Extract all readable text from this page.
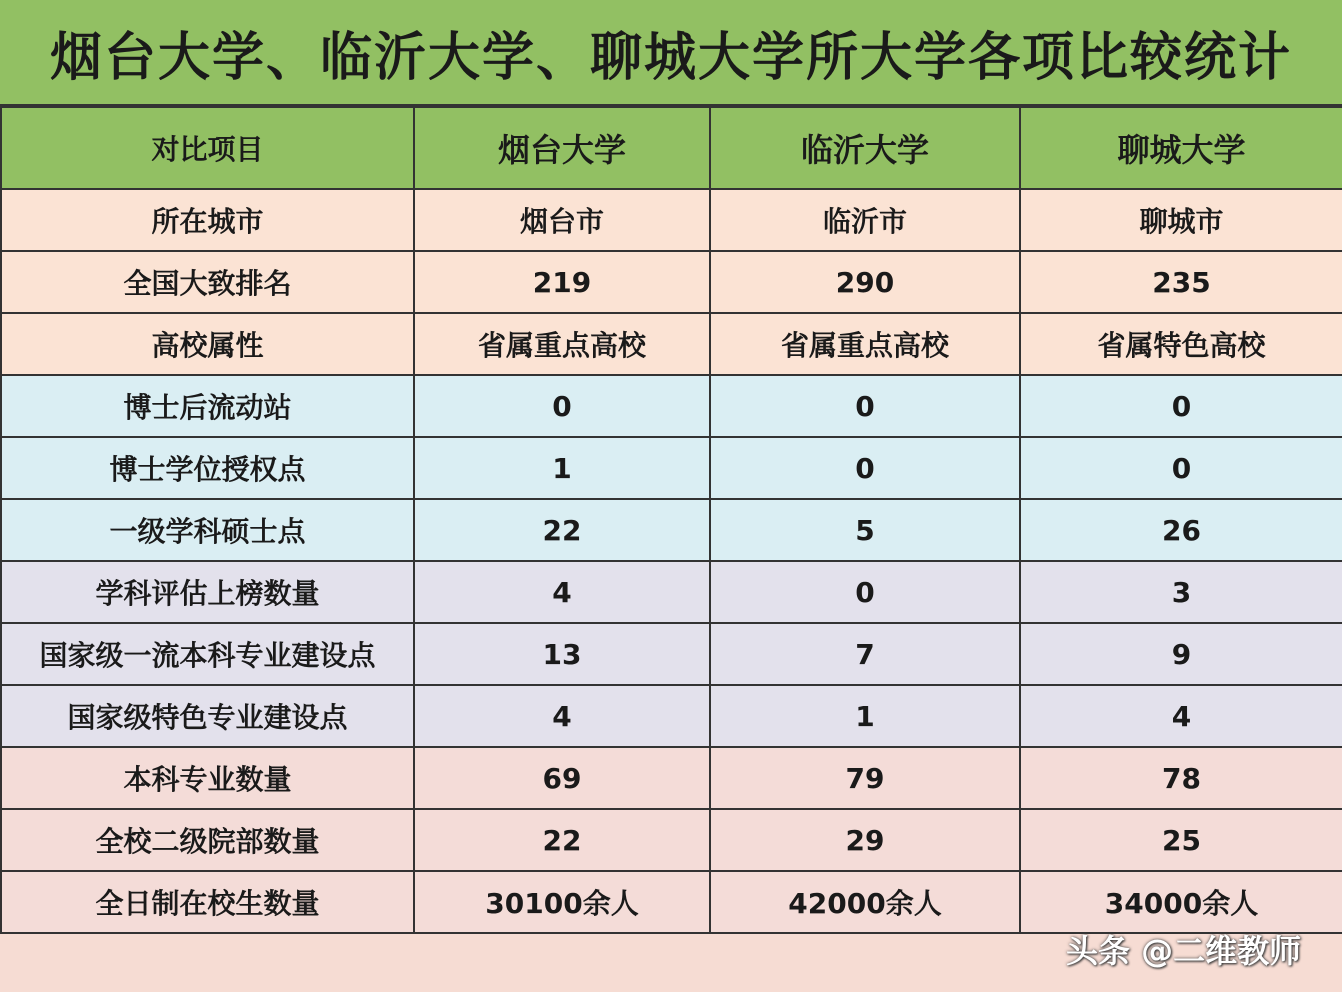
烟台大学、临沂大学、聊城大学所大学各项比较统计
对比项目	烟台大学	临沂大学	聊城大学
所在城市	烟台市	临沂市	聊城市
全国大致排名	219	290	235
高校属性	省属重点高校	省属重点高校	省属特色高校
博士后流动站	0	0	0
博士学位授权点	1	0	0
一级学科硕士点	22	5	26
学科评估上榜数量	4	0	3
国家级一流本科专业建设点	13	7	9
国家级特色专业建设点	4	1	4
本科专业数量	69	79	78
全校二级院部数量	22	29	25
全日制在校生数量	30100余人	42000余人	34000余人
头条 @二维教师
